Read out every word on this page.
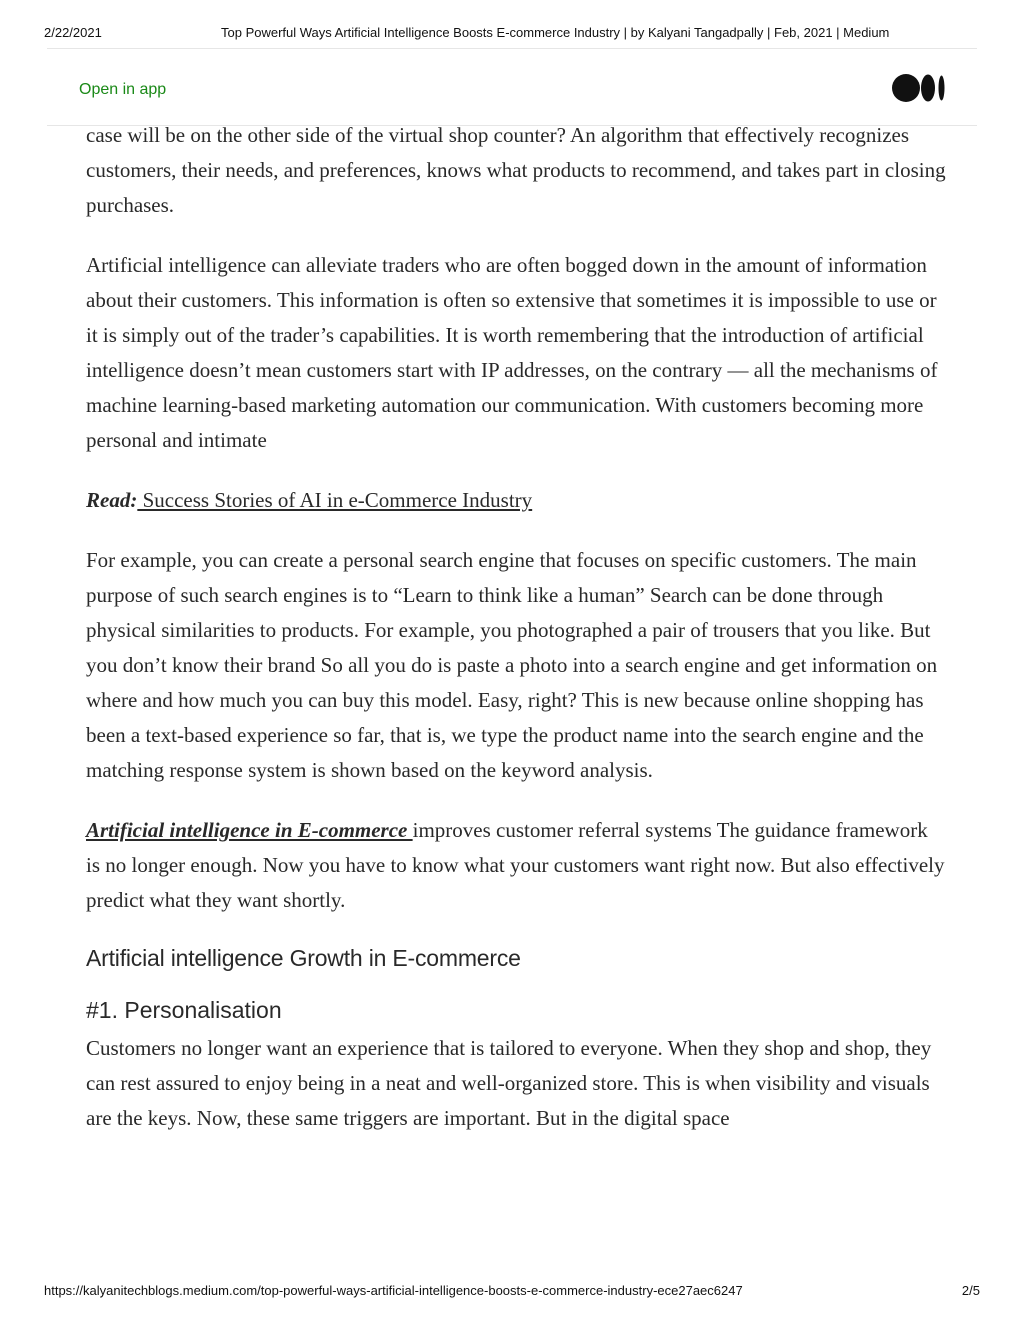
2/22/2021	Top Powerful Ways Artificial Intelligence Boosts E-commerce Industry | by Kalyani Tangadpally | Feb, 2021 | Medium
Open in app

case will be on the other side of the virtual shop counter? An algorithm that effectively recognizes customers, their needs, and preferences, knows what products to recommend, and takes part in closing purchases.

Artificial intelligence can alleviate traders who are often bogged down in the amount of information about their customers. This information is often so extensive that sometimes it is impossible to use or it is simply out of the trader’s capabilities. It is worth remembering that the introduction of artificial intelligence doesn’t mean customers start with IP addresses, on the contrary — all the mechanisms of machine learning-based marketing automation our communication. With customers becoming more personal and intimate

Read: Success Stories of AI in e-Commerce Industry

For example, you can create a personal search engine that focuses on specific customers. The main purpose of such search engines is to “Learn to think like a human” Search can be done through physical similarities to products. For example, you photographed a pair of trousers that you like. But you don’t know their brand So all you do is paste a photo into a search engine and get information on where and how much you can buy this model. Easy, right? This is new because online shopping has been a text-based experience so far, that is, we type the product name into the search engine and the matching response system is shown based on the keyword analysis.

Artificial intelligence in E-commerce improves customer referral systems The guidance framework is no longer enough. Now you have to know what your customers want right now. But also effectively predict what they want shortly.

Artificial intelligence Growth in E-commerce
#1. Personalisation

Customers no longer want an experience that is tailored to everyone. When they shop and shop, they can rest assured to enjoy being in a neat and well-organized store. This is when visibility and visuals are the keys. Now, these same triggers are important. But in the digital space

https://kalyanitechblogs.medium.com/top-powerful-ways-artificial-intelligence-boosts-e-commerce-industry-ece27aec6247	2/5
